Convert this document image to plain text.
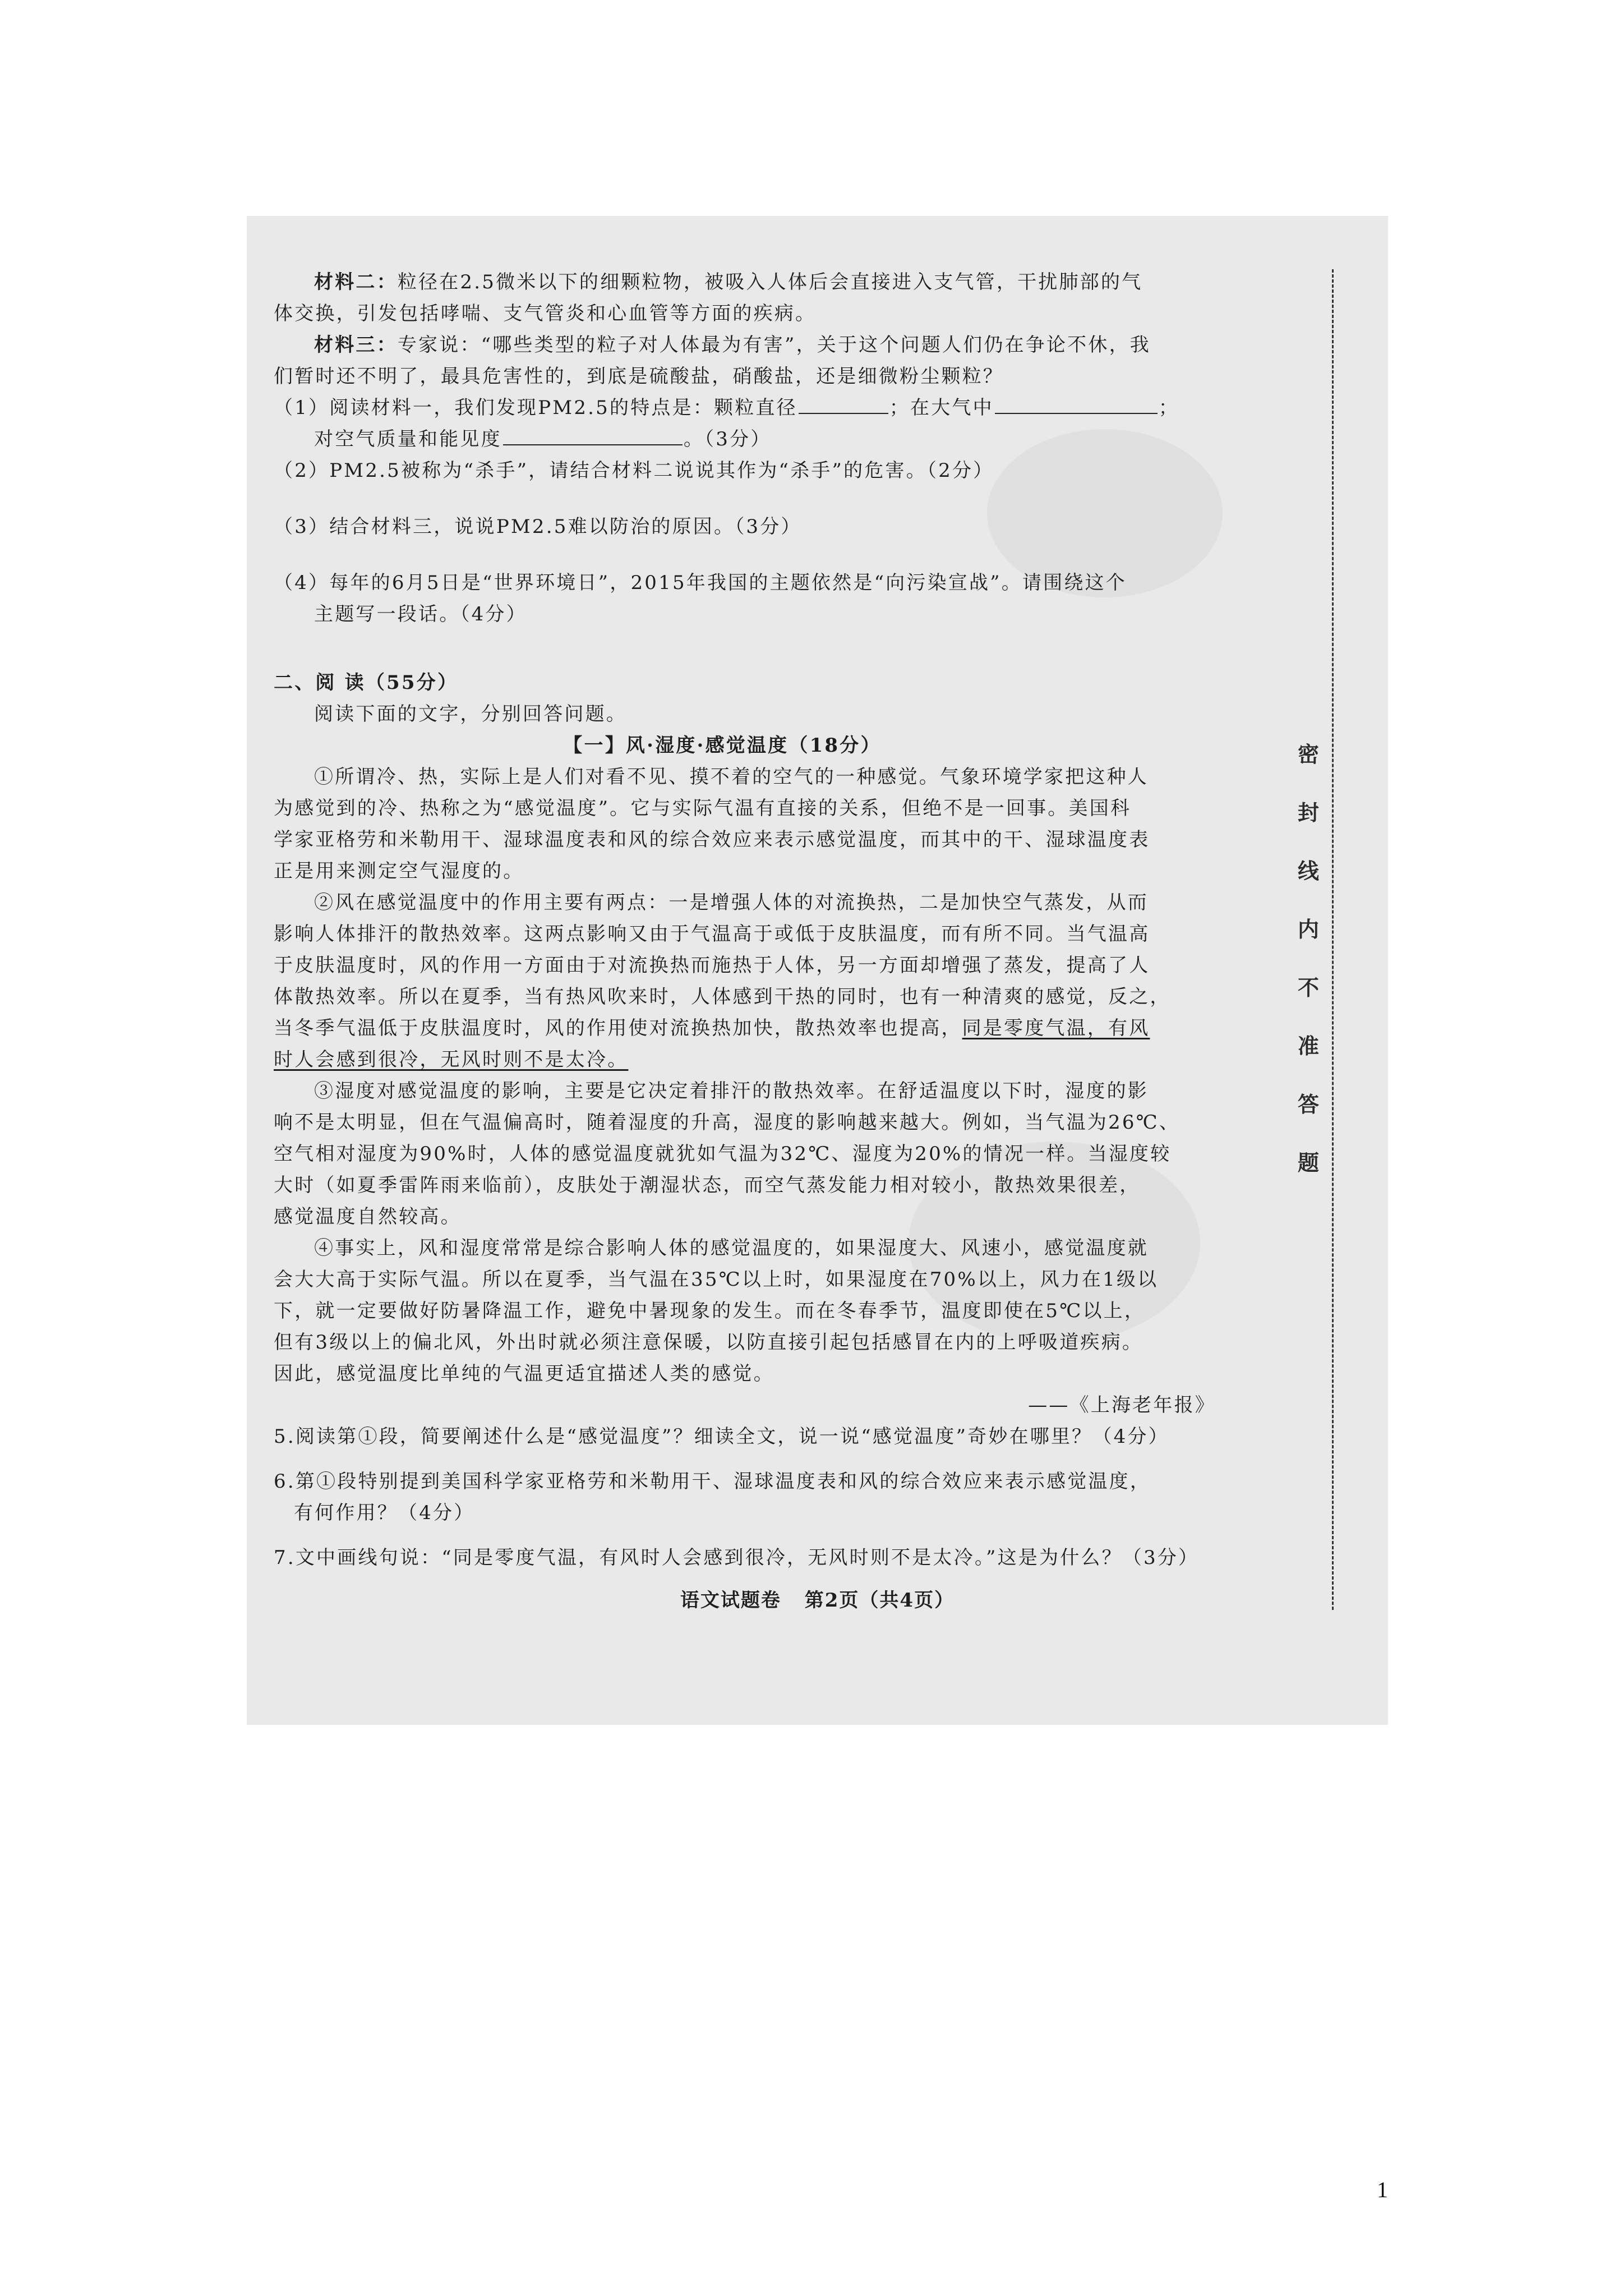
材料二：粒径在2.5微米以下的细颗粒物，被吸入人体后会直接进入支气管，干扰肺部的气

体交换，引发包括哮喘、支气管炎和心血管等方面的疾病。

材料三：专家说：“哪些类型的粒子对人体最为有害”，关于这个问题人们仍在争论不休，我

们暂时还不明了，最具危害性的，到底是硫酸盐，硝酸盐，还是细微粉尘颗粒？

（1）阅读材料一，我们发现PM2.5的特点是：颗粒直径	；在大气中	；

对空气质量和能见度	。（3分）

（2）PM2.5被称为“杀手”，请结合材料二说说其作为“杀手”的危害。（2分）

（3）结合材料三，说说PM2.5难以防治的原因。（3分）

（4）每年的6月5日是“世界环境日”，2015年我国的主题依然是“向污染宣战”。请围绕这个

主题写一段话。（4分）

二、阅 读（55分）

阅读下面的文字，分别回答问题。

【一】风·湿度·感觉温度（18分）

①所谓冷、热，实际上是人们对看不见、摸不着的空气的一种感觉。气象环境学家把这种人

为感觉到的冷、热称之为“感觉温度”。它与实际气温有直接的关系，但绝不是一回事。美国科

学家亚格劳和米勒用干、湿球温度表和风的综合效应来表示感觉温度，而其中的干、湿球温度表

正是用来测定空气湿度的。

②风在感觉温度中的作用主要有两点：一是增强人体的对流换热，二是加快空气蒸发，从而

影响人体排汗的散热效率。这两点影响又由于气温高于或低于皮肤温度，而有所不同。当气温高

于皮肤温度时，风的作用一方面由于对流换热而施热于人体，另一方面却增强了蒸发，提高了人

体散热效率。所以在夏季，当有热风吹来时，人体感到干热的同时，也有一种清爽的感觉，反之，

当冬季气温低于皮肤温度时，风的作用使对流换热加快，散热效率也提高，同是零度气温，有风

时人会感到很冷，无风时则不是太冷。

③湿度对感觉温度的影响，主要是它决定着排汗的散热效率。在舒适温度以下时，湿度的影

响不是太明显，但在气温偏高时，随着湿度的升高，湿度的影响越来越大。例如，当气温为26℃、

空气相对湿度为90%时，人体的感觉温度就犹如气温为32℃、湿度为20%的情况一样。当湿度较

大时（如夏季雷阵雨来临前），皮肤处于潮湿状态，而空气蒸发能力相对较小，散热效果很差，

感觉温度自然较高。

④事实上，风和湿度常常是综合影响人体的感觉温度的，如果湿度大、风速小，感觉温度就

会大大高于实际气温。所以在夏季，当气温在35℃以上时，如果湿度在70%以上，风力在1级以

下，就一定要做好防暑降温工作，避免中暑现象的发生。而在冬春季节，温度即使在5℃以上，

但有3级以上的偏北风，外出时就必须注意保暖，以防直接引起包括感冒在内的上呼吸道疾病。

因此，感觉温度比单纯的气温更适宜描述人类的感觉。

——《上海老年报》

5.阅读第①段，简要阐述什么是“感觉温度”？细读全文，说一说“感觉温度”奇妙在哪里？（4分）

6.第①段特别提到美国科学家亚格劳和米勒用干、湿球温度表和风的综合效应来表示感觉温度，

有何作用？（4分）

7.文中画线句说：“同是零度气温，有风时人会感到很冷，无风时则不是太冷。”这是为什么？（3分）

密
封
线
内
不
准
答
题
语文试题卷 第2页（共4页）
1
